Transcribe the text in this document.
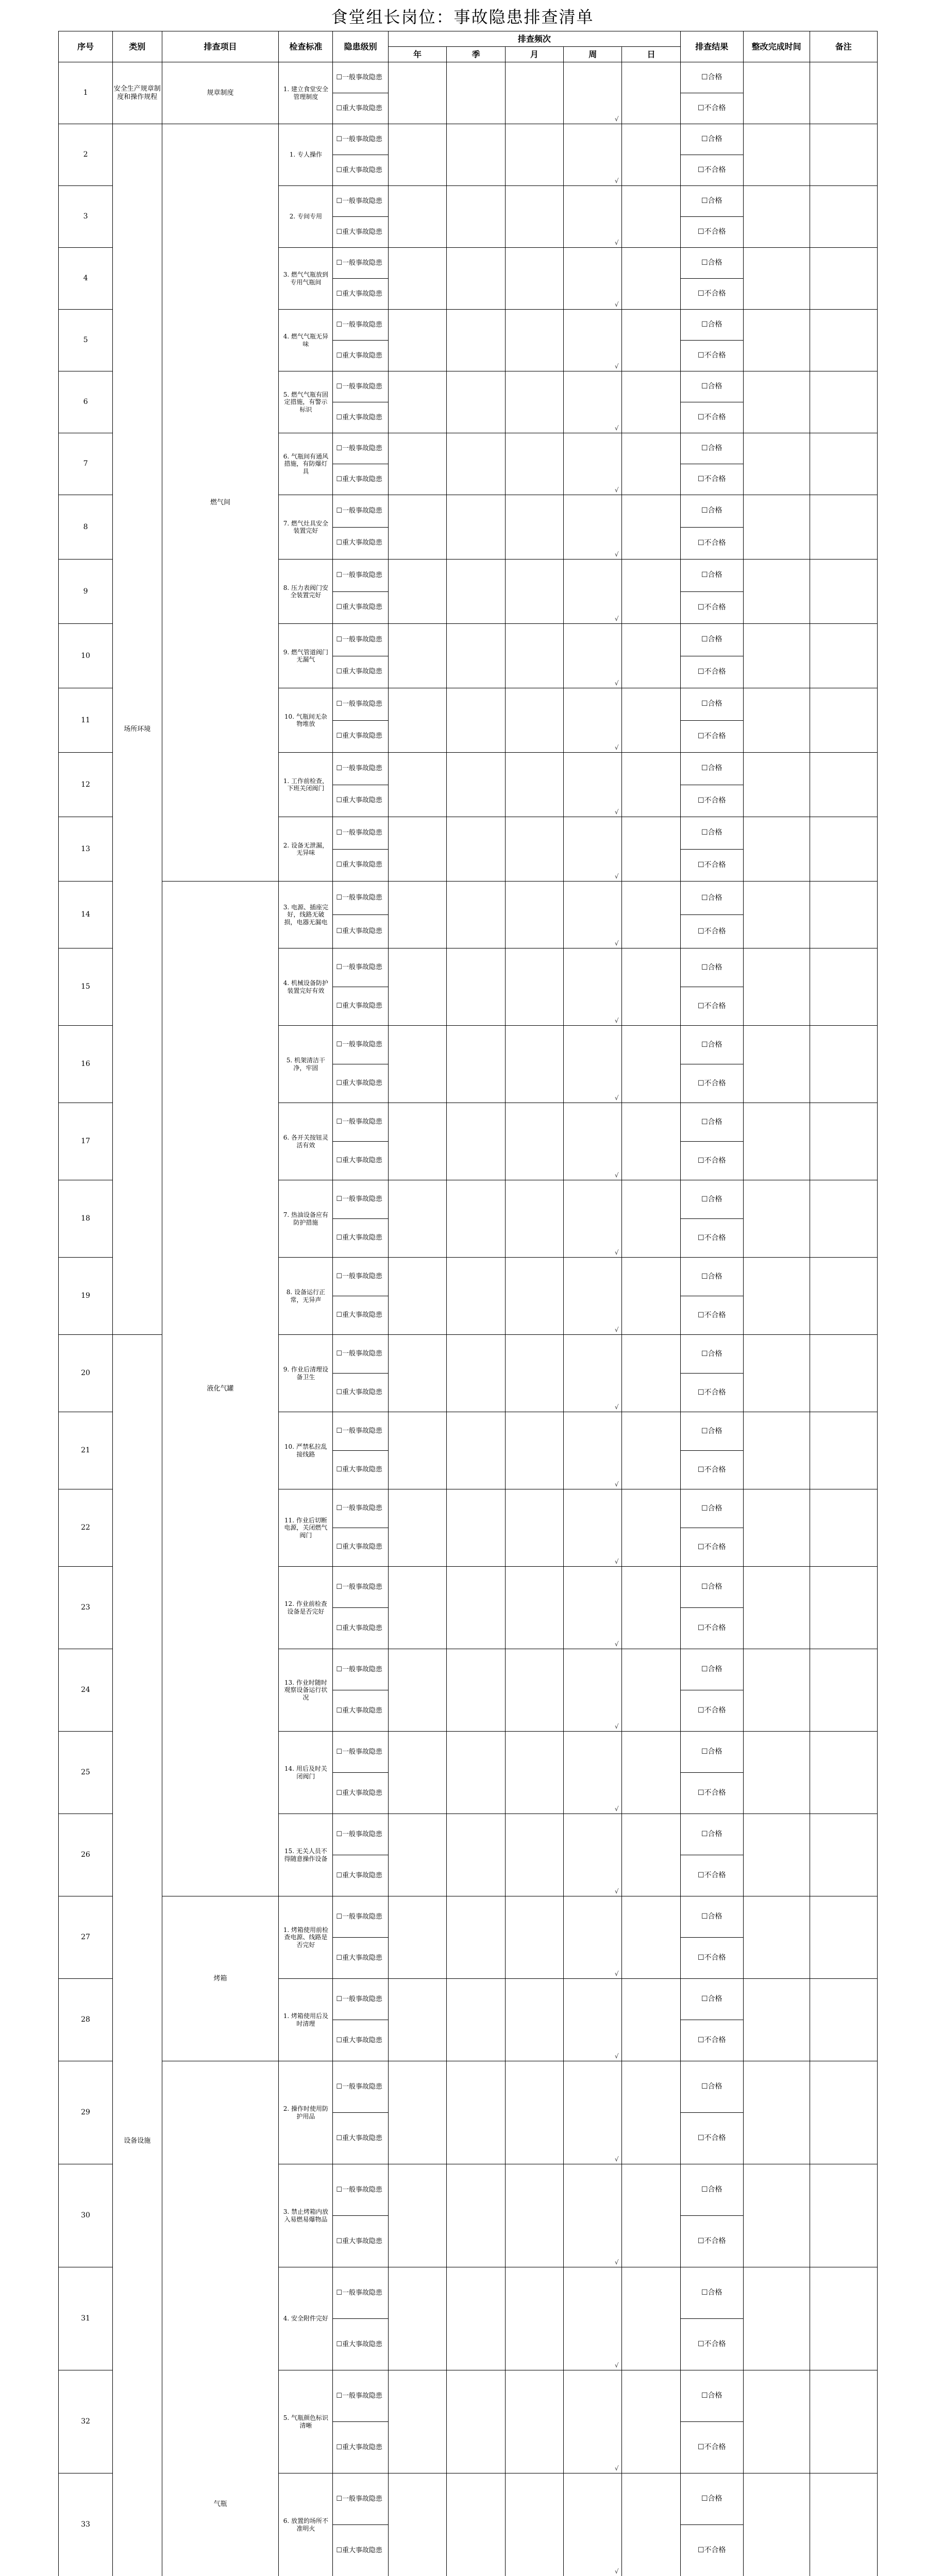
食堂组长岗位：事故隐患排查清单
序号	类别	排查项目	检查标准	隐患级别	排查频次					排查结果	整改完成时间	备注
					年	季	月	周	日			
1	安全生产规章制度和操作规程	规章制度	1. 建立食堂安全管理制度	☐一般事故隐患				√		☐合格		
				☐重大事故隐患						☐不合格		
2	场所环境	燃气间	1. 专人操作	☐一般事故隐患				√		☐合格		
				☐重大事故隐患						☐不合格		
3			2. 专间专用	☐一般事故隐患				√		☐合格		
				☐重大事故隐患						☐不合格		
4			3. 燃气气瓶放到专用气瓶间	☐一般事故隐患				√		☐合格		
				☐重大事故隐患						☐不合格		
5			4. 燃气气瓶无异味	☐一般事故隐患				√		☐合格		
				☐重大事故隐患						☐不合格		
6			5. 燃气气瓶有固定措施，有警示标识	☐一般事故隐患				√		☐合格		
				☐重大事故隐患						☐不合格		
7			6. 气瓶间有通风措施，有防爆灯具	☐一般事故隐患				√		☐合格		
				☐重大事故隐患						☐不合格		
8			7. 燃气灶具安全装置完好	☐一般事故隐患				√		☐合格		
				☐重大事故隐患						☐不合格		
9			8. 压力表阀门安全装置完好	☐一般事故隐患				√		☐合格		
				☐重大事故隐患						☐不合格		
10			9. 燃气管道阀门无漏气	☐一般事故隐患				√		☐合格		
				☐重大事故隐患						☐不合格		
11			10. 气瓶间无杂物堆放	☐一般事故隐患				√		☐合格		
				☐重大事故隐患						☐不合格		
12			1. 工作前检查，下班关闭阀门	☐一般事故隐患				√		☐合格		
				☐重大事故隐患						☐不合格		
13			2. 设备无泄漏，无异味	☐一般事故隐患				√		☐合格		
				☐重大事故隐患						☐不合格		
14		液化气罐	3. 电源、插座完好，线路无破损，电器无漏电	☐一般事故隐患				√		☐合格		
				☐重大事故隐患						☐不合格		
15			4. 机械设备防护装置完好有效	☐一般事故隐患				√		☐合格		
				☐重大事故隐患						☐不合格		
16			5. 机架清洁干净，牢固	☐一般事故隐患				√		☐合格		
				☐重大事故隐患						☐不合格		
17			6. 各开关按钮灵活有效	☐一般事故隐患				√		☐合格		
				☐重大事故隐患						☐不合格		
18			7. 热油设备应有防护措施	☐一般事故隐患				√		☐合格		
				☐重大事故隐患						☐不合格		
19			8. 设备运行正常，无异声	☐一般事故隐患				√		☐合格		
				☐重大事故隐患						☐不合格		
20	设备设施		9. 作业后清理设备卫生	☐一般事故隐患				√		☐合格		
				☐重大事故隐患						☐不合格		
21			10. 严禁私拉乱接线路	☐一般事故隐患				√		☐合格		
				☐重大事故隐患						☐不合格		
22			11. 作业后切断电源，关闭燃气阀门	☐一般事故隐患				√		☐合格		
				☐重大事故隐患						☐不合格		
23			12. 作业前检查设备是否完好	☐一般事故隐患				√		☐合格		
				☐重大事故隐患						☐不合格		
24			13. 作业时随时观察设备运行状况	☐一般事故隐患				√		☐合格		
				☐重大事故隐患						☐不合格		
25			14. 用后及时关闭阀门	☐一般事故隐患				√		☐合格		
				☐重大事故隐患						☐不合格		
26			15. 无关人员不得随意操作设备	☐一般事故隐患				√		☐合格		
				☐重大事故隐患						☐不合格		
27		烤箱	1. 烤箱使用前检查电源、线路是否完好	☐一般事故隐患				√		☐合格		
				☐重大事故隐患						☐不合格		
28			1. 烤箱使用后及时清理	☐一般事故隐患				√		☐合格		
				☐重大事故隐患						☐不合格		
29		气瓶	2. 操作时使用防护用品	☐一般事故隐患				√		☐合格		
				☐重大事故隐患						☐不合格		
30			3. 禁止烤箱内放入易燃易爆物品	☐一般事故隐患				√		☐合格		
				☐重大事故隐患						☐不合格		
31			4. 安全附件完好	☐一般事故隐患				√		☐合格		
				☐重大事故隐患						☐不合格		
32			5. 气瓶颜色标识清晰	☐一般事故隐患				√		☐合格		
				☐重大事故隐患						☐不合格		
33			6. 放置的场所不准明火	☐一般事故隐患				√		☐合格		
				☐重大事故隐患						☐不合格		
